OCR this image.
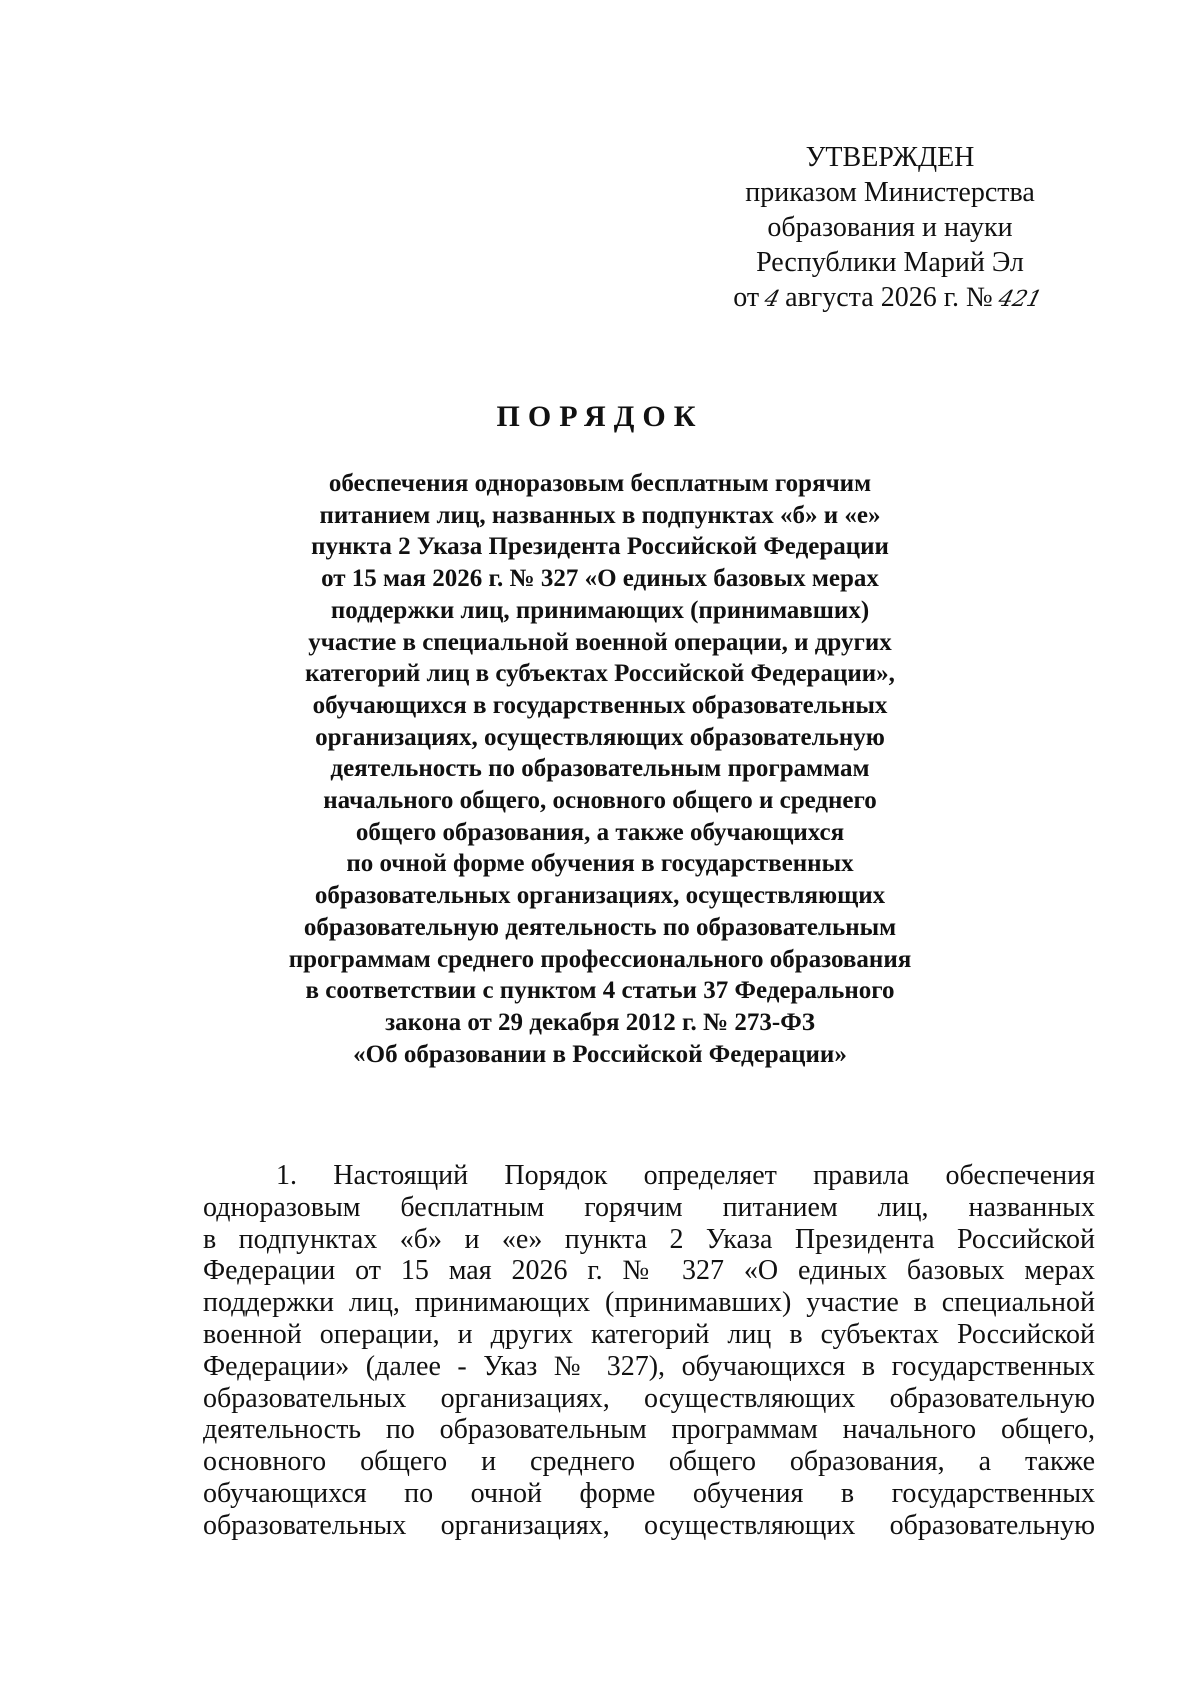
УТВЕРЖДЕН
приказом Министерства
образования и науки
Республики Марий Эл
от 4августа 2026 г. № 421
ПОРЯДОК
обеспечения одноразовым бесплатным горячим
питанием лиц, названных в подпунктах «б» и «е»
пункта 2 Указа Президента Российской Федерации
от 15 мая 2026 г. № 327 «О единых базовых мерах
поддержки лиц, принимающих (принимавших)
участие в специальной военной операции, и других
категорий лиц в субъектах Российской Федерации»,
обучающихся в государственных образовательных
организациях, осуществляющих образовательную
деятельность по образовательным программам
начального общего, основного общего и среднего
общего образования, а также обучающихся
по очной форме обучения в государственных
образовательных организациях, осуществляющих
образовательную деятельность по образовательным
программам среднего профессионального образования
в соответствии с пунктом 4 статьи 37 Федерального
закона от 29 декабря 2012 г. № 273-ФЗ
«Об образовании в Российской Федерации»
1. Настоящий Порядок определяет правила обеспечения
одноразовым бесплатным горячим питанием лиц, названных
в подпунктах «б» и «е» пункта 2 Указа Президента Российской
Федерации от 15 мая 2026 г. № 327 «О единых базовых мерах
поддержки лиц, принимающих (принимавших) участие в специальной
военной операции, и других категорий лиц в субъектах Российской
Федерации» (далее - Указ № 327), обучающихся в государственных
образовательных организациях, осуществляющих образовательную
деятельность по образовательным программам начального общего,
основного общего и среднего общего образования, а также
обучающихся по очной форме обучения в государственных
образовательных организациях, осуществляющих образовательную
